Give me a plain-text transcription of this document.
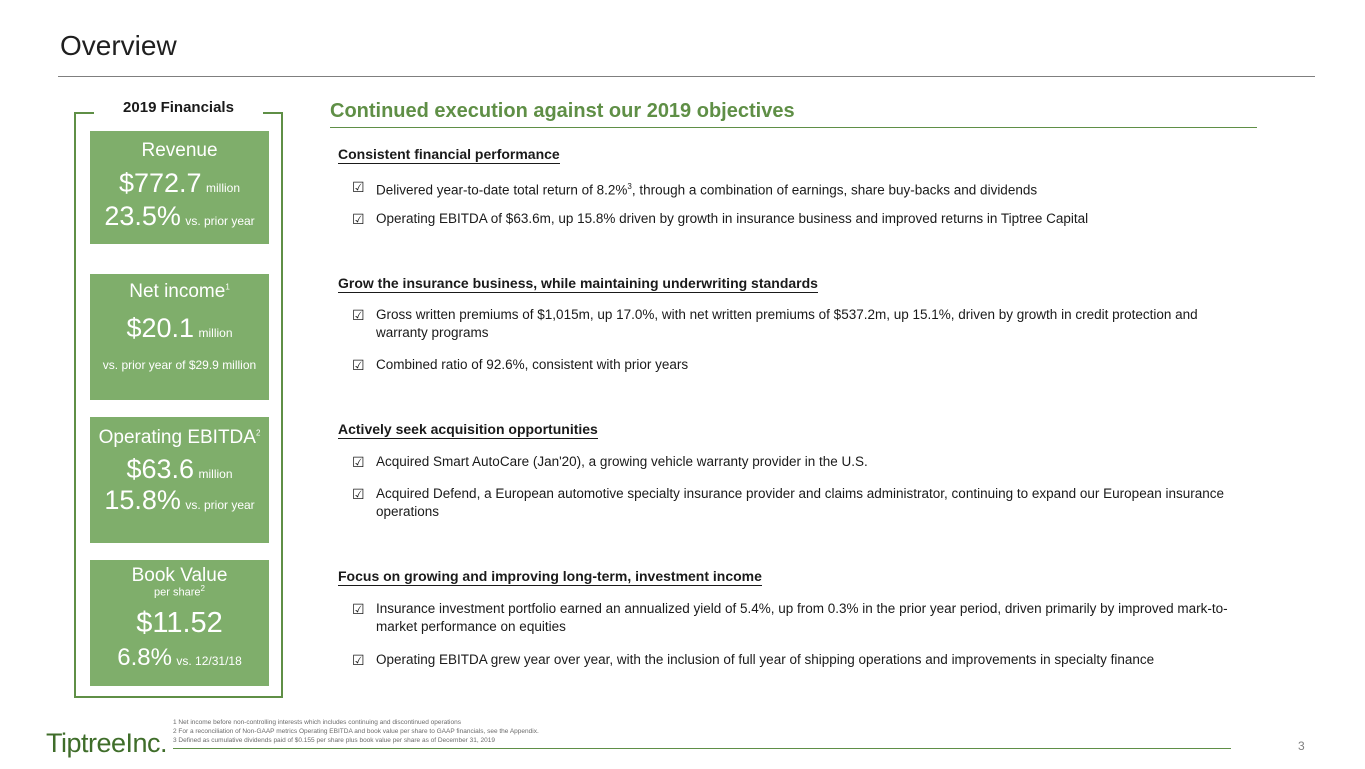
Overview
2019 Financials
Revenue
$772.7 million
23.5% vs. prior year
Net income$^1$
$20.1 million
vs. prior year of $29.9 million
Operating EBITDA$^2$
$63.6 million
15.8% vs. prior year
Book Value
per share$^2$
$11.52
6.8% vs. 12/31/18
Continued execution against our 2019 objectives
Consistent financial performance
☑ Delivered year-to-date total return of 8.2%$^3$, through a combination of earnings, share buy-backs and dividends
☑ Operating EBITDA of $63.6m, up 15.8% driven by growth in insurance business and improved returns in Tiptree Capital
Grow the insurance business, while maintaining underwriting standards
☑ Gross written premiums of $1,015m, up 17.0%, with net written premiums of $537.2m, up 15.1%, driven by growth in credit protection and warranty programs
☑ Combined ratio of 92.6%, consistent with prior years
Actively seek acquisition opportunities
☑ Acquired Smart AutoCare (Jan'20), a growing vehicle warranty provider in the U.S.
☑ Acquired Defend, a European automotive specialty insurance provider and claims administrator, continuing to expand our European insurance operations
Focus on growing and improving long-term, investment income
☑ Insurance investment portfolio earned an annualized yield of 5.4%, up from 0.3% in the prior year period, driven primarily by improved mark-to-market performance on equities
☑ Operating EBITDA grew year over year, with the inclusion of full year of shipping operations and improvements in specialty finance
TiptreeInc.
1 Net income before non-controlling interests which includes continuing and discontinued operations
2 For a reconciliation of Non-GAAP metrics Operating EBITDA and book value per share to GAAP financials, see the Appendix.
3 Defined as cumulative dividends paid of $0.155 per share plus book value per share as of December 31, 2019	3
